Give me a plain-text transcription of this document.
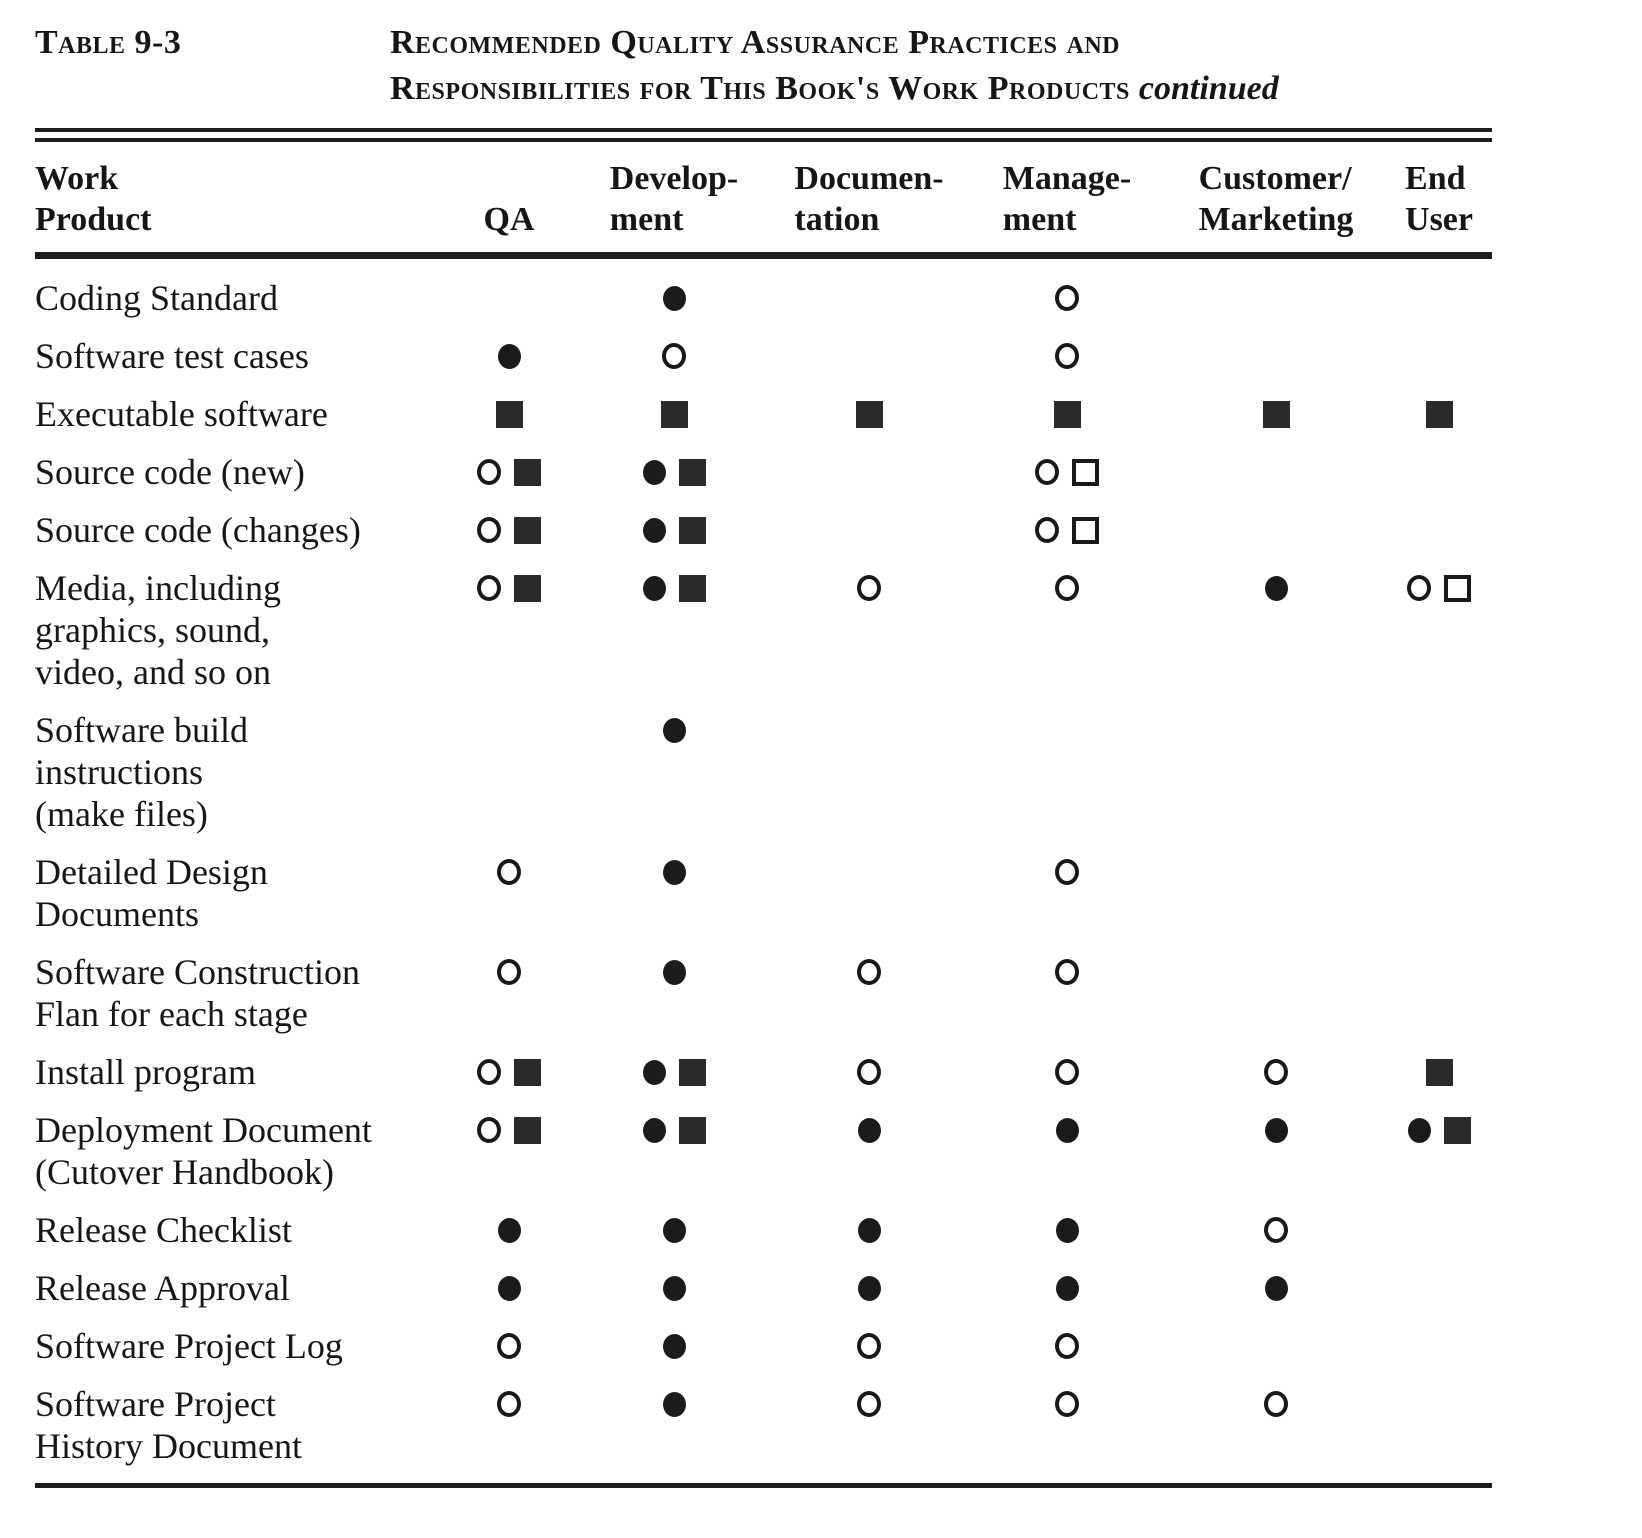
Table 9-3	Recommended Quality Assurance Practices and
Responsibilities for This Book's Work Products continued
Work
Product	QA
Develop-
ment
Documen-
tation
Manage-
ment
Customer/
Marketing
End
User
Coding Standard
Software test cases
Executable software
Source code (new)
Source code (changes)
Media, including
graphics, sound,
video, and so on
Software build
instructions
(make files)
Detailed Design
Documents
Software Construction
Flan for each stage
Install program
Deployment Document
(Cutover Handbook)
Release Checklist
Release Approval
Software Project Log
Software Project
History Document
